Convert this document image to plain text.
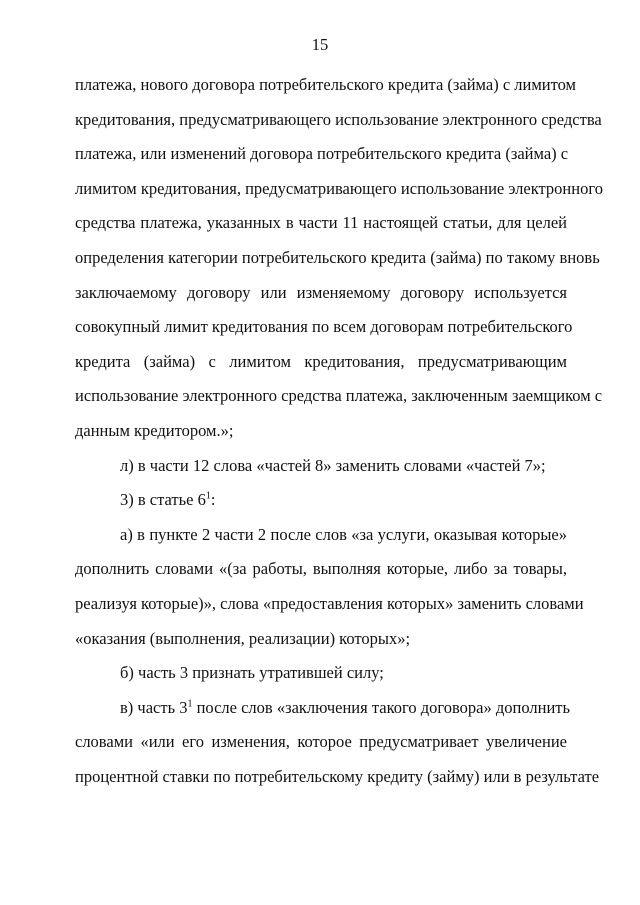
15
платежа, нового договора потребительского кредита (займа) с лимитом
кредитования, предусматривающего использование электронного средства
платежа, или изменений договора потребительского кредита (займа) с
лимитом кредитования, предусматривающего использование электронного
средства платежа, указанных в части 11 настоящей статьи, для целей
определения категории потребительского кредита (займа) по такому вновь
заключаемому договору или изменяемому договору используется
совокупный лимит кредитования по всем договорам потребительского
кредита (займа) с лимитом кредитования, предусматривающим
использование электронного средства платежа, заключенным заемщиком с
данным кредитором.»;
л) в части 12 слова «частей 8» заменить словами «частей 7»;
3) в статье $6^1$:
а) в пункте 2 части 2 после слов «за услуги, оказывая которые»
дополнить словами «(за работы, выполняя которые, либо за товары,
реализуя которые)», слова «предоставления которых» заменить словами
«оказания (выполнения, реализации) которых»;
б) часть 3 признать утратившей силу;
в) часть $3^1$ после слов «заключения такого договора» дополнить
словами «или его изменения, которое предусматривает увеличение
процентной ставки по потребительскому кредиту (займу) или в результате
